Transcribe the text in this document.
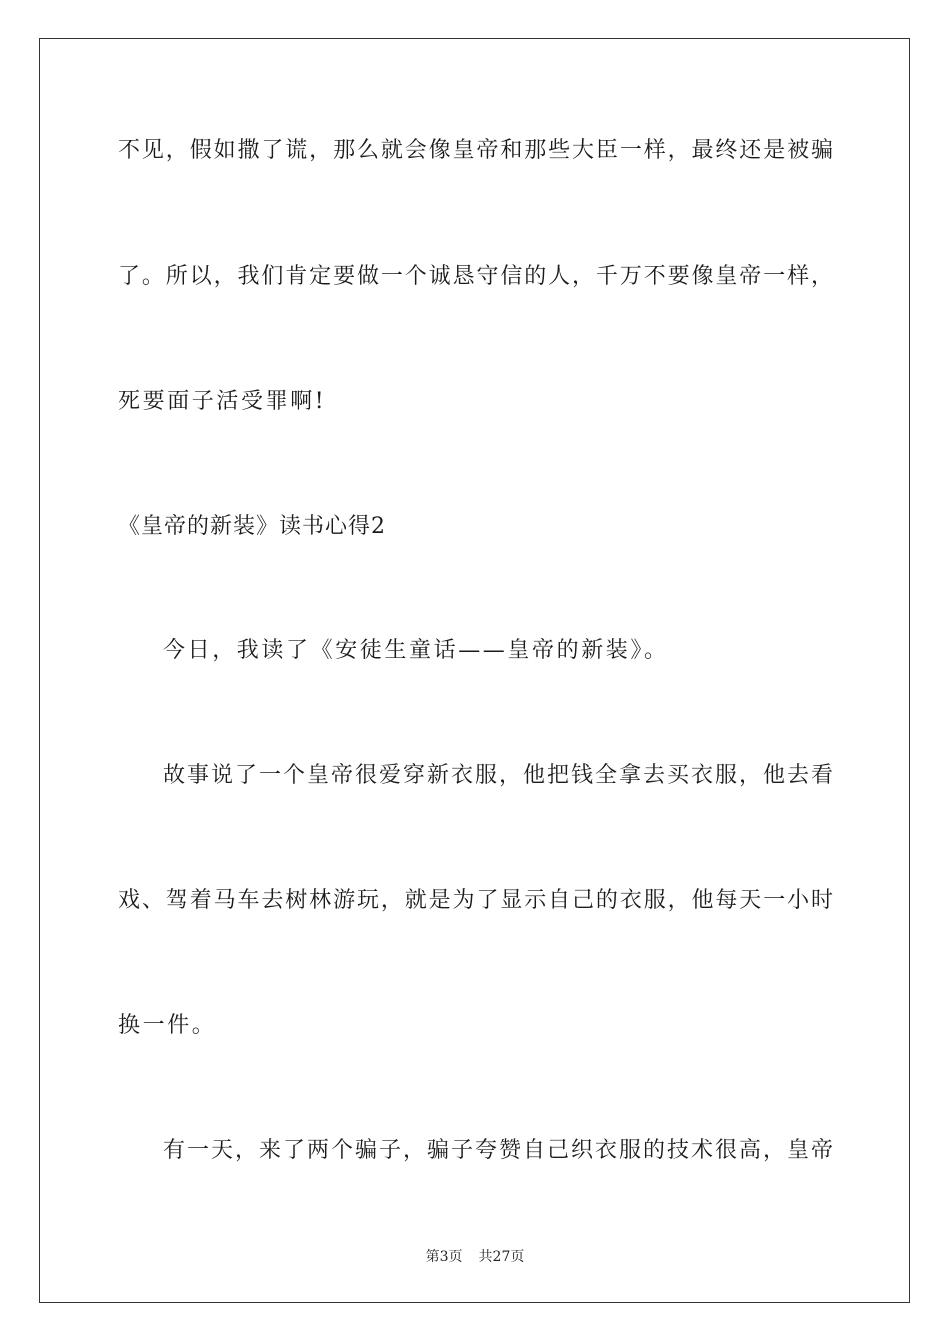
不见，假如撒了谎，那么就会像皇帝和那些大臣一样，最终还是被骗
了。所以，我们肯定要做一个诚恳守信的人，千万不要像皇帝一样，
死要面子活受罪啊!
《皇帝的新装》读书心得2
今日，我读了《安徒生童话——皇帝的新装》。
故事说了一个皇帝很爱穿新衣服，他把钱全拿去买衣服，他去看
戏、驾着马车去树林游玩，就是为了显示自己的衣服，他每天一小时
换一件。
有一天，来了两个骗子，骗子夸赞自己织衣服的技术很高，皇帝
第3页 共27页
